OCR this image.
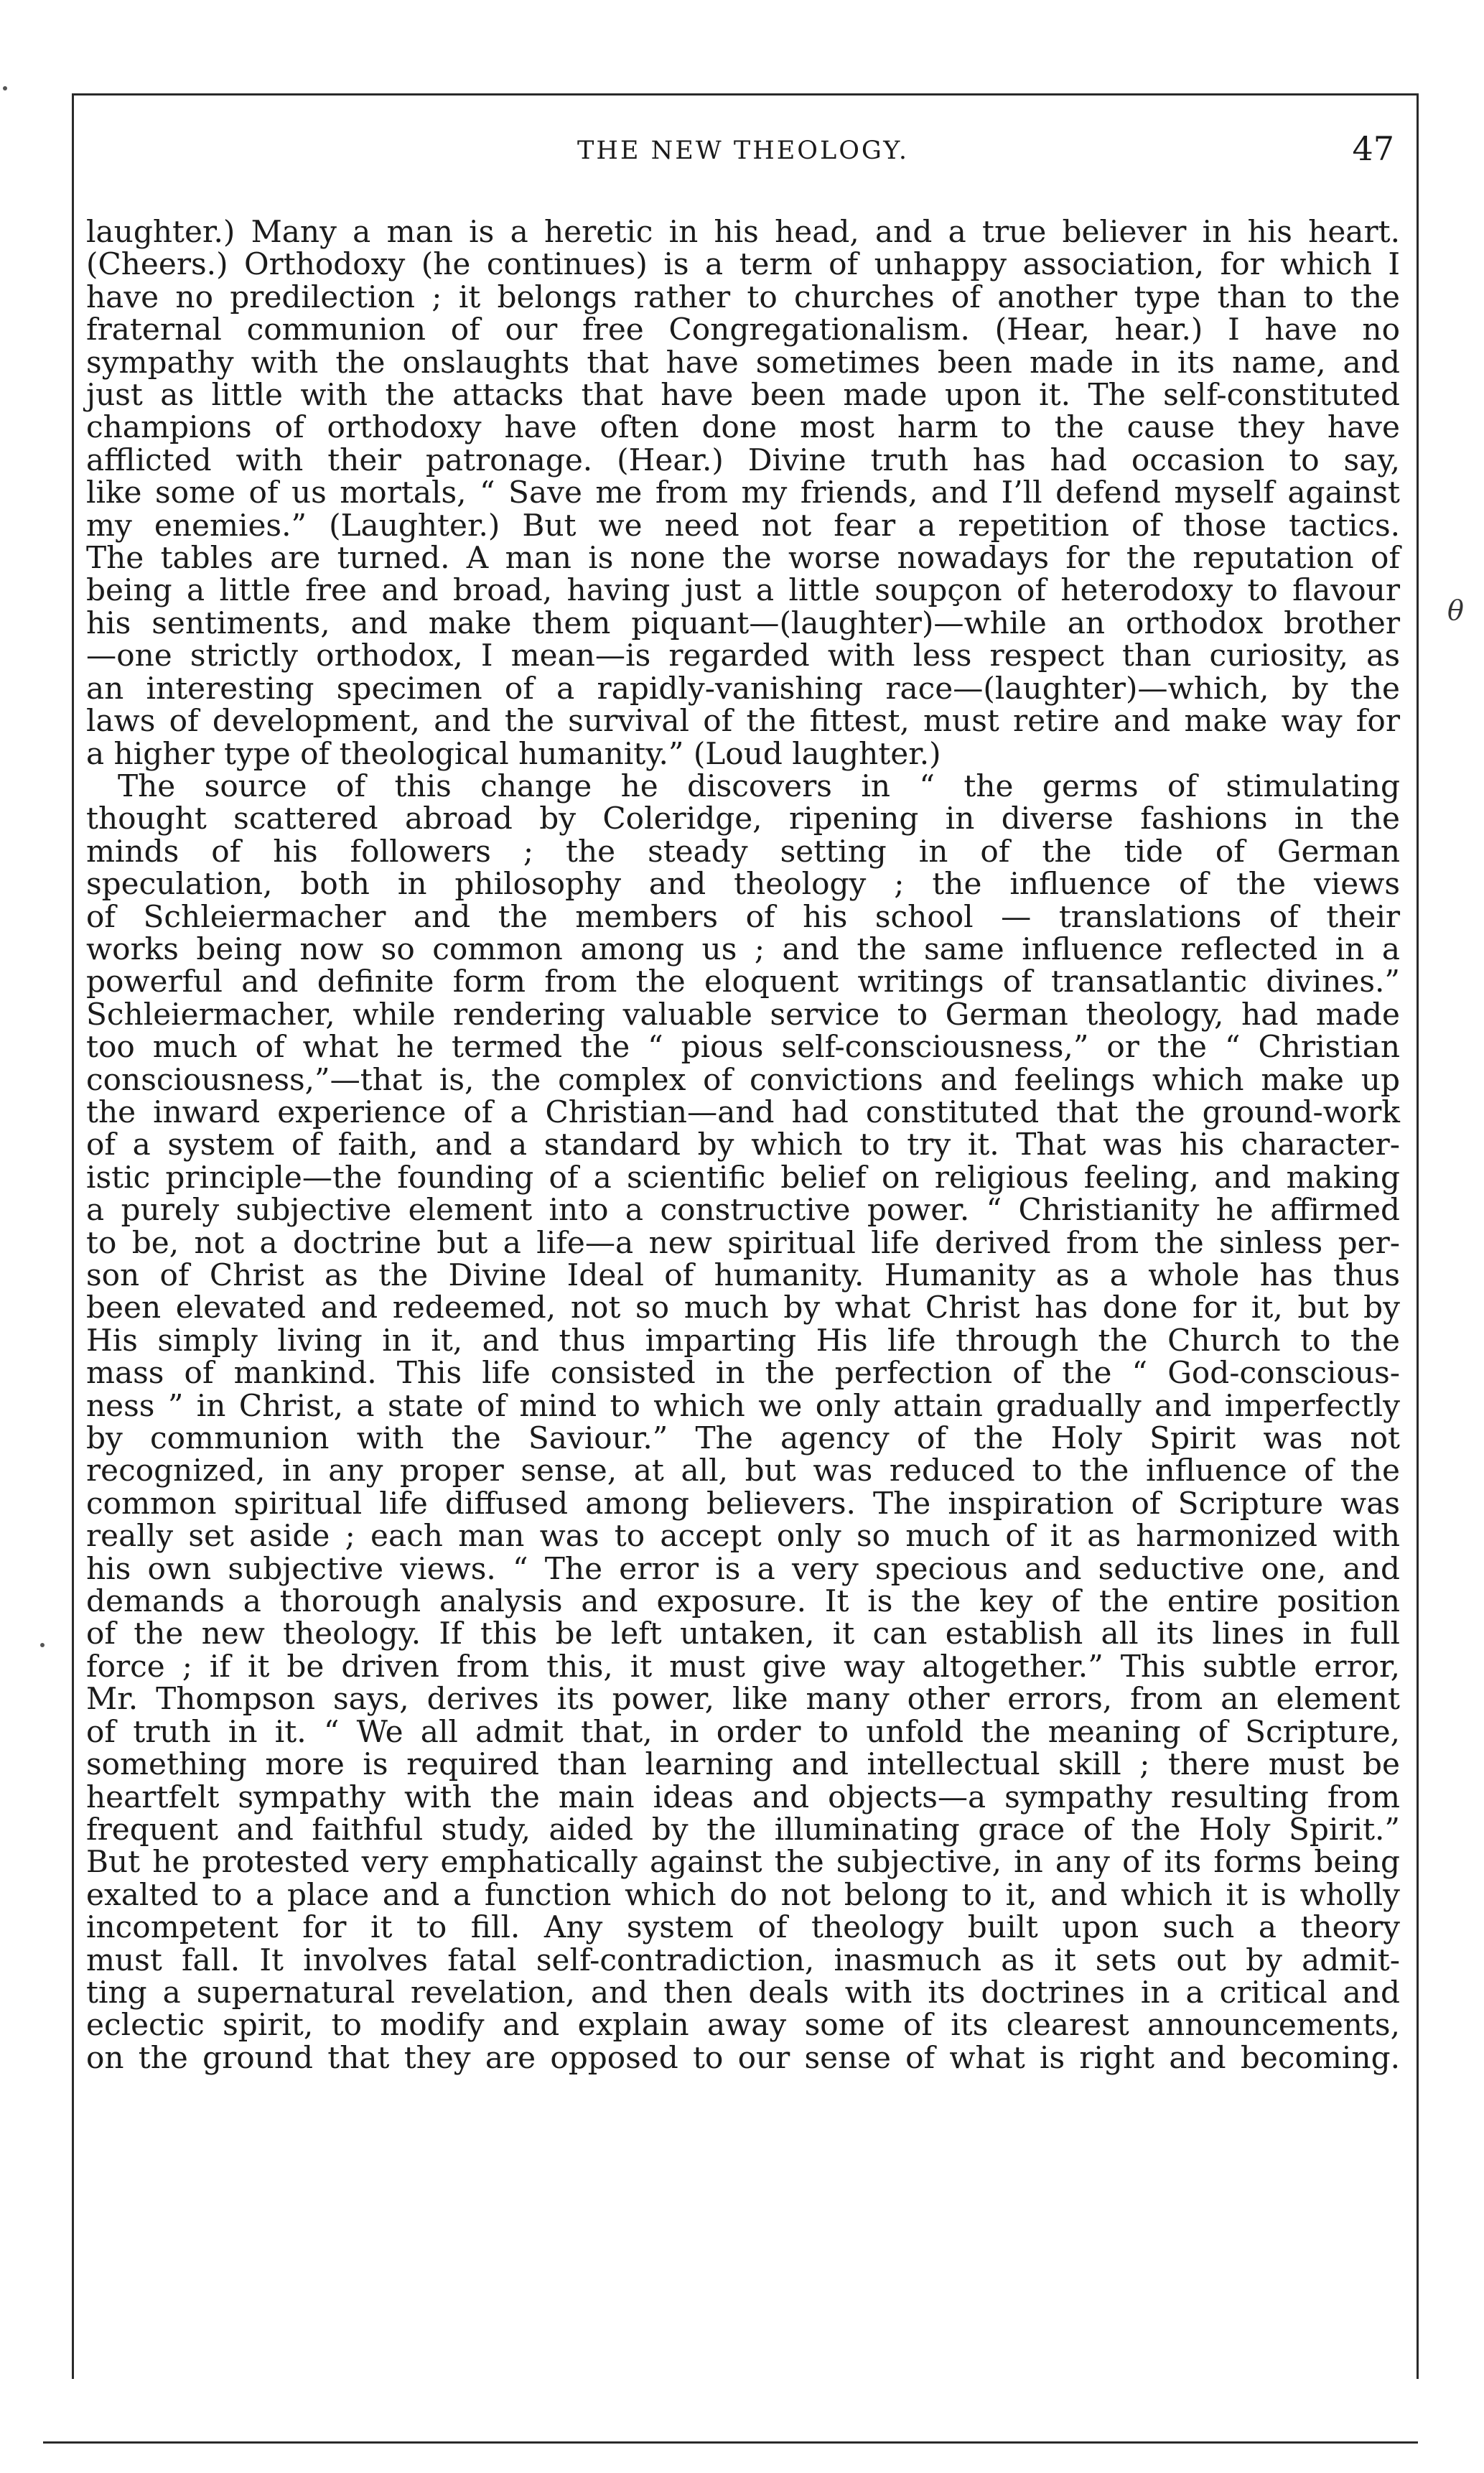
THE NEW THEOLOGY.	47
laughter.) Many a man is a heretic in his head, and a true believer in his heart.
(Cheers.) Orthodoxy (he continues) is a term of unhappy association, for which I
have no predilection ; it belongs rather to churches of another type than to the
fraternal communion of our free Congregationalism. (Hear, hear.) I have no
sympathy with the onslaughts that have sometimes been made in its name, and
just as little with the attacks that have been made upon it. The self-constituted
champions of orthodoxy have often done most harm to the cause they have
afflicted with their patronage. (Hear.) Divine truth has had occasion to say,
like some of us mortals, “ Save me from my friends, and I’ll defend myself against
my enemies.” (Laughter.) But we need not fear a repetition of those tactics.
The tables are turned. A man is none the worse nowadays for the reputation of
being a little free and broad, having just a little soupçon of heterodoxy to flavour
his sentiments, and make them piquant—(laughter)—while an orthodox brother
—one strictly orthodox, I mean—is regarded with less respect than curiosity, as
an interesting specimen of a rapidly-vanishing race—(laughter)—which, by the
laws of development, and the survival of the fittest, must retire and make way for
a higher type of theological humanity.” (Loud laughter.)
The source of this change he discovers in “ the germs of stimulating
thought scattered abroad by Coleridge, ripening in diverse fashions in the
minds of his followers ; the steady setting in of the tide of German
speculation, both in philosophy and theology ; the influence of the views
of Schleiermacher and the members of his school — translations of their
works being now so common among us ; and the same influence reflected in a
powerful and definite form from the eloquent writings of transatlantic divines.”
Schleiermacher, while rendering valuable service to German theology, had made
too much of what he termed the “ pious self-consciousness,” or the “ Christian
consciousness,”—that is, the complex of convictions and feelings which make up
the inward experience of a Christian—and had constituted that the ground-work
of a system of faith, and a standard by which to try it. That was his character-
istic principle—the founding of a scientific belief on religious feeling, and making
a purely subjective element into a constructive power. “ Christianity he affirmed
to be, not a doctrine but a life—a new spiritual life derived from the sinless per-
son of Christ as the Divine Ideal of humanity. Humanity as a whole has thus
been elevated and redeemed, not so much by what Christ has done for it, but by
His simply living in it, and thus imparting His life through the Church to the
mass of mankind. This life consisted in the perfection of the “ God-conscious-
ness ” in Christ, a state of mind to which we only attain gradually and imperfectly
by communion with the Saviour.” The agency of the Holy Spirit was not
recognized, in any proper sense, at all, but was reduced to the influence of the
common spiritual life diffused among believers. The inspiration of Scripture was
really set aside ; each man was to accept only so much of it as harmonized with
his own subjective views. “ The error is a very specious and seductive one, and
demands a thorough analysis and exposure. It is the key of the entire position
of the new theology. If this be left untaken, it can establish all its lines in full
force ; if it be driven from this, it must give way altogether.” This subtle error,
Mr. Thompson says, derives its power, like many other errors, from an element
of truth in it. “ We all admit that, in order to unfold the meaning of Scripture,
something more is required than learning and intellectual skill ; there must be
heartfelt sympathy with the main ideas and objects—a sympathy resulting from
frequent and faithful study, aided by the illuminating grace of the Holy Spirit.”
But he protested very emphatically against the subjective, in any of its forms being
exalted to a place and a function which do not belong to it, and which it is wholly
incompetent for it to fill. Any system of theology built upon such a theory
must fall. It involves fatal self-contradiction, inasmuch as it sets out by admit-
ting a supernatural revelation, and then deals with its doctrines in a critical and
eclectic spirit, to modify and explain away some of its clearest announcements,
on the ground that they are opposed to our sense of what is right and becoming.
θ
